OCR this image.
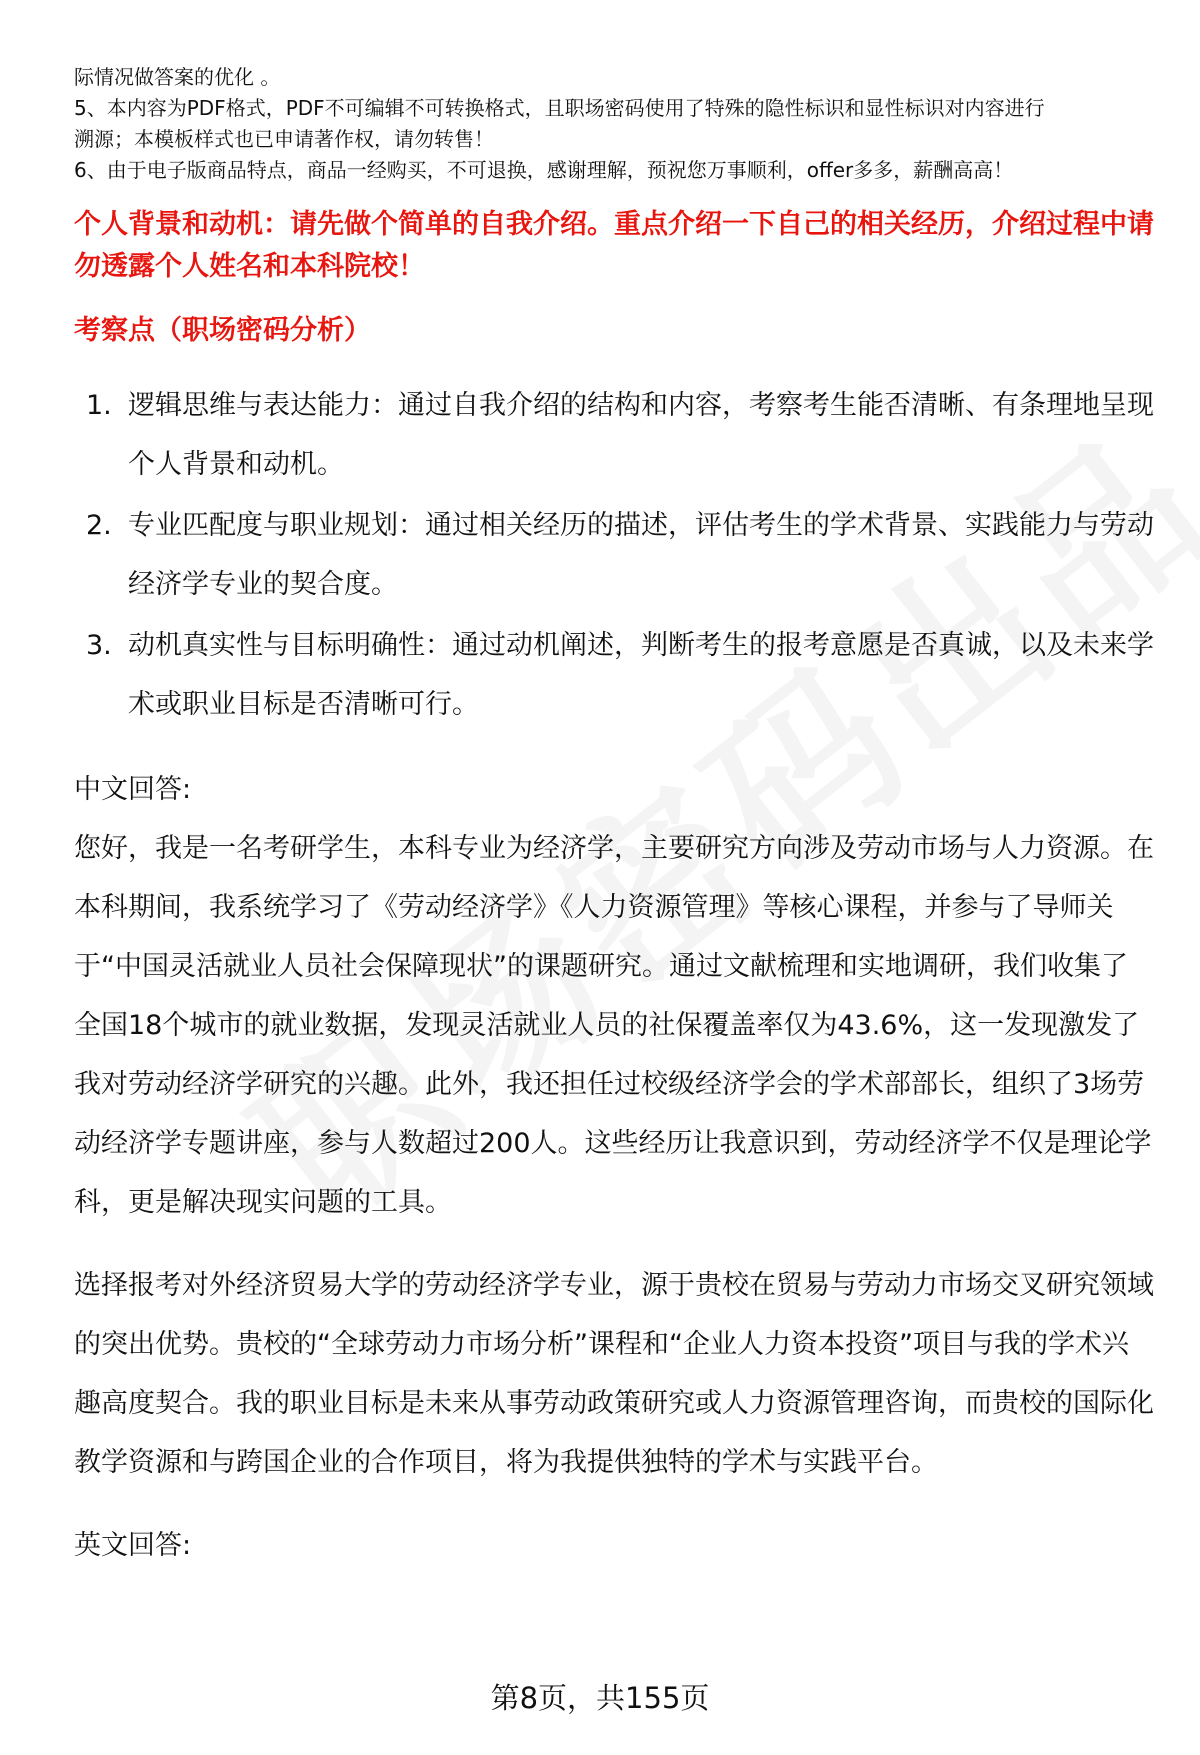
际情况做答案的优化 。
5、本内容为PDF格式，PDF不可编辑不可转换格式，且职场密码使用了特殊的隐性标识和显性标识对内容进行
溯源；本模板样式也已申请著作权，请勿转售！
6、由于电子版商品特点，商品一经购买，不可退换，感谢理解，预祝您万事顺利，offer多多，薪酬高高！
个人背景和动机：请先做个简单的自我介绍。重点介绍一下自己的相关经历，介绍过程中请勿透露个人姓名和本科院校！
考察点（职场密码分析）
1. 逻辑思维与表达能力：通过自我介绍的结构和内容，考察考生能否清晰、有条理地呈现个人背景和动机。
2. 专业匹配度与职业规划：通过相关经历的描述，评估考生的学术背景、实践能力与劳动经济学专业的契合度。
3. 动机真实性与目标明确性：通过动机阐述，判断考生的报考意愿是否真诚，以及未来学术或职业目标是否清晰可行。
中文回答:

您好，我是一名考研学生，本科专业为经济学，主要研究方向涉及劳动市场与人力资源。在本科期间，我系统学习了《劳动经济学》《人力资源管理》等核心课程，并参与了导师关于“中国灵活就业人员社会保障现状”的课题研究。通过文献梳理和实地调研，我们收集了全国18个城市的就业数据，发现灵活就业人员的社保覆盖率仅为43.6%，这一发现激发了我对劳动经济学研究的兴趣。此外，我还担任过校级经济学会的学术部部长，组织了3场劳动经济学专题讲座，参与人数超过200人。这些经历让我意识到，劳动经济学不仅是理论学科，更是解决现实问题的工具。

选择报考对外经济贸易大学的劳动经济学专业，源于贵校在贸易与劳动力市场交叉研究领域的突出优势。贵校的“全球劳动力市场分析”课程和“企业人力资本投资”项目与我的学术兴趣高度契合。我的职业目标是未来从事劳动政策研究或人力资源管理咨询，而贵校的国际化教学资源和与跨国企业的合作项目，将为我提供独特的学术与实践平台。

英文回答:
第8页，共155页
